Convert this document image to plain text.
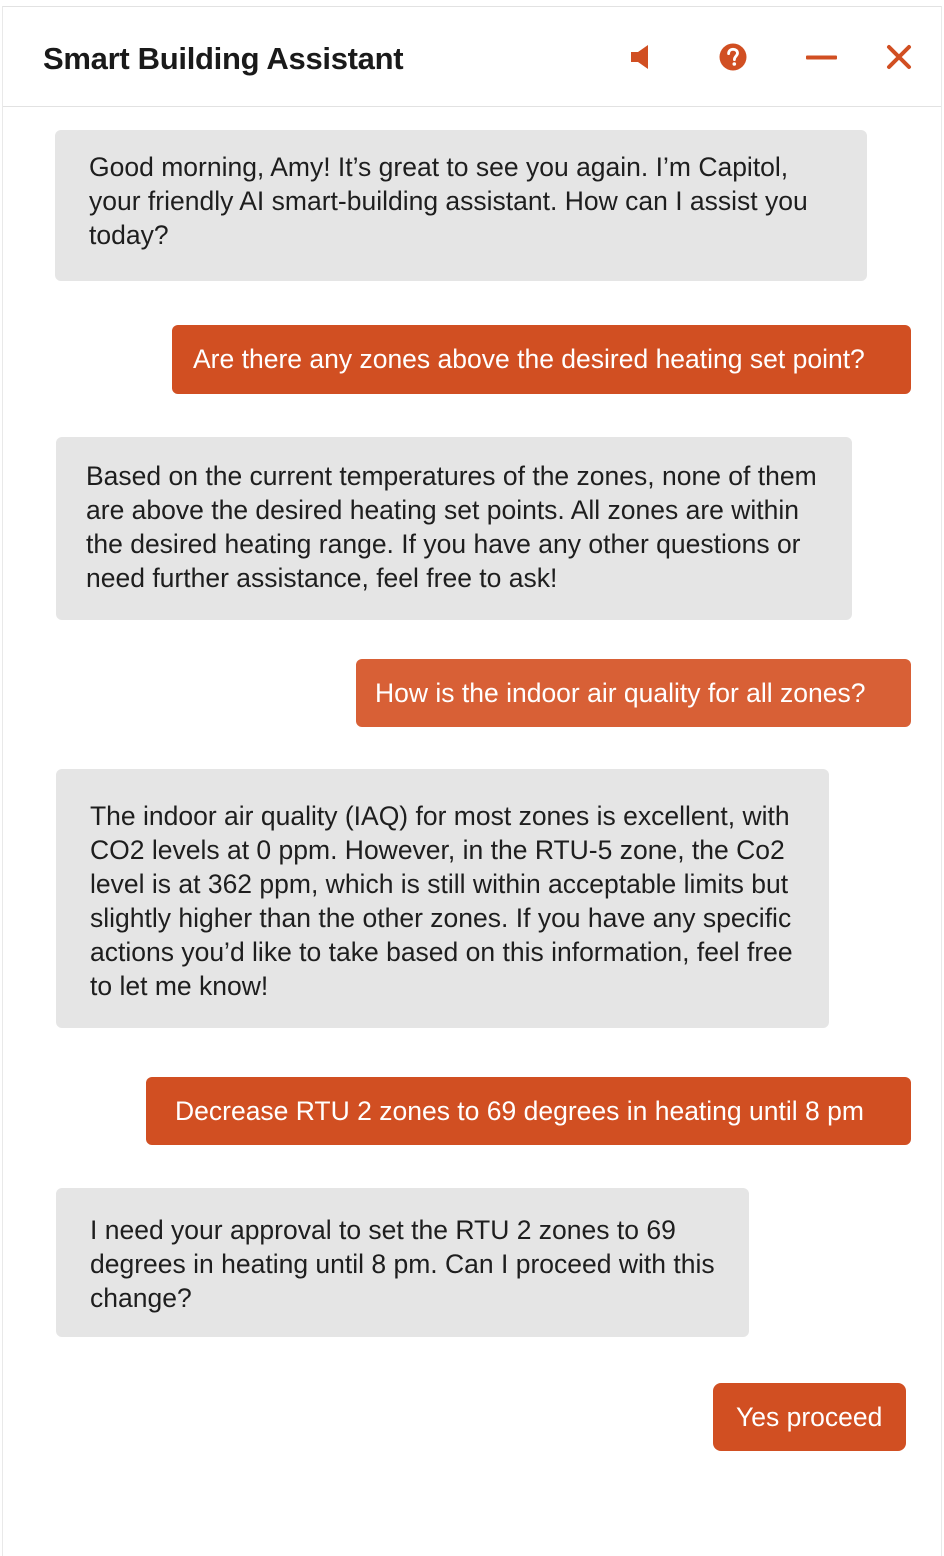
Smart Building Assistant
Good morning, Amy! It’s great to see you again. I’m Capitol, your friendly AI smart-building assistant. How can I assist you today?
Are there any zones above the desired heating set point?
Based on the current temperatures of the zones, none of them are above the desired heating set points. All zones are within the desired heating range. If you have any other questions or need further assistance, feel free to ask!
How is the indoor air quality for all zones?
The indoor air quality (IAQ) for most zones is excellent, with CO2 levels at 0 ppm. However, in the RTU-5 zone, the Co2 level is at 362 ppm, which is still within acceptable limits but slightly higher than the other zones. If you have any specific actions you’d like to take based on this information, feel free to let me know!
Decrease RTU 2 zones to 69 degrees in heating until 8 pm
I need your approval to set the RTU 2 zones to 69 degrees in heating until 8 pm. Can I proceed with this change?
Yes proceed
